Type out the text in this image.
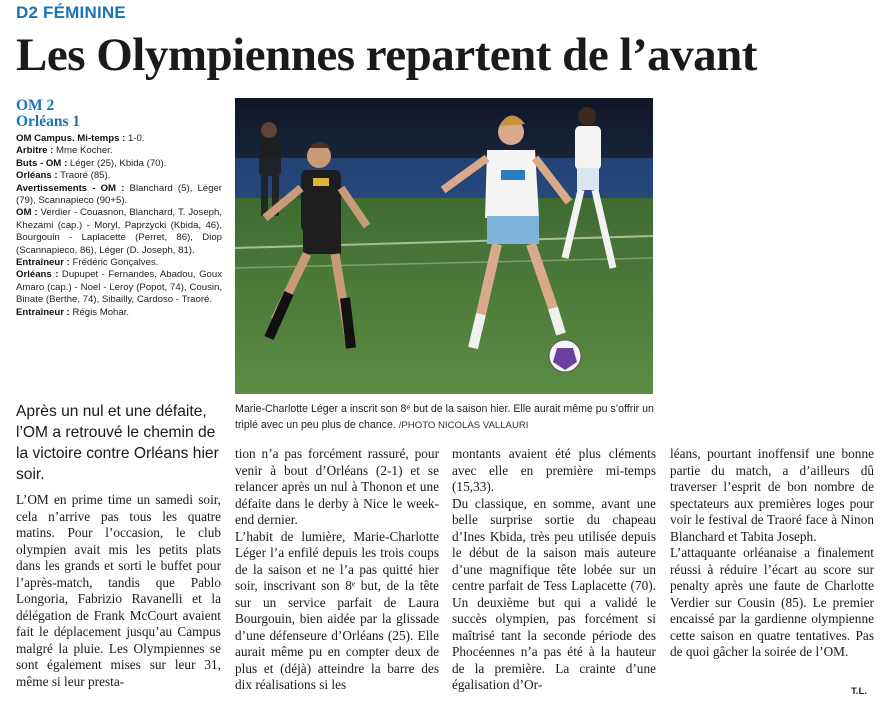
D2 FÉMININE
Les Olympiennes repartent de l’avant
OM 2
Orléans 1

OM Campus. Mi-temps : 1-0.

Arbitre : Mme Kocher.

Buts - OM : Léger (25), Kbida (70).

Orléans : Traoré (85).

Avertissements - OM : Blanchard (5), Léger (79), Scannapieco (90+5).

OM : Verdier - Couasnon, Blanchard, T. Joseph, Khezami (cap.) - Moryl, Paprzycki (Kbida, 46), Bourgouin - Laplacette (Perret, 86), Diop (Scannapieco, 86), Léger (D. Joseph, 81).

Entraîneur : Frédéric Gonçalves.

Orléans : Dupupet - Fernandes, Abadou, Goux Amaro (cap.) - Noel - Leroy (Popot, 74), Cousin, Binate (Berthe, 74), Sibailly, Cardoso - Traoré.

Entraîneur : Régis Mohar.

Marie-Charlotte Léger a inscrit son 8ᵉ but de la saison hier. Elle aurait même pu s’offrir un triplé avec un peu plus de chance. /PHOTO NICOLAS VALLAURI

Après un nul et une défaite, l’OM a retrouvé le chemin de la victoire contre Orléans hier soir.

L’OM en prime time un samedi soir, cela n’arrive pas tous les quatre matins. Pour l’occasion, le club olympien avait mis les petits plats dans les grands et sorti le buffet pour l’après-match, tandis que Pablo Longoria, Fabrizio Ravanelli et la délégation de Frank McCourt avaient fait le déplacement jusqu’au Campus malgré la pluie. Les Olympiennes se sont également mises sur leur 31, même si leur presta-

tion n’a pas forcément rassuré, pour venir à bout d’Orléans (2-1) et se relancer après un nul à Thonon et une défaite dans le derby à Nice le week-end dernier.
L’habit de lumière, Marie-Charlotte Léger l’a enfilé depuis les trois coups de la saison et ne l’a pas quitté hier soir, inscrivant son 8ᵉ but, de la tête sur un service parfait de Laura Bourgouin, bien aidée par la glissade d’une défenseure d’Orléans (25). Elle aurait même pu en compter deux de plus et (déjà) atteindre la barre des dix réalisations si les

montants avaient été plus cléments avec elle en première mi-temps (15,33).
Du classique, en somme, avant une belle surprise sortie du chapeau d’Ines Kbida, très peu utilisée depuis le début de la saison mais auteure d’une magnifique tête lobée sur un centre parfait de Tess Laplacette (70). Un deuxième but qui a validé le succès olympien, pas forcément si maîtrisé tant la seconde période des Phocéennes n’a pas été à la hauteur de la première. La crainte d’une égalisation d’Or-

léans, pourtant inoffensif une bonne partie du match, a d’ailleurs dû traverser l’esprit de bon nombre de spectateurs aux premières loges pour voir le festival de Traoré face à Ninon Blanchard et Tabita Joseph.
L’attaquante orléanaise a finalement réussi à réduire l’écart au score sur penalty après une faute de Charlotte Verdier sur Cousin (85). Le premier encaissé par la gardienne olympienne cette saison en quatre tentatives. Pas de quoi gâcher la soirée de l’OM.

T.L.
